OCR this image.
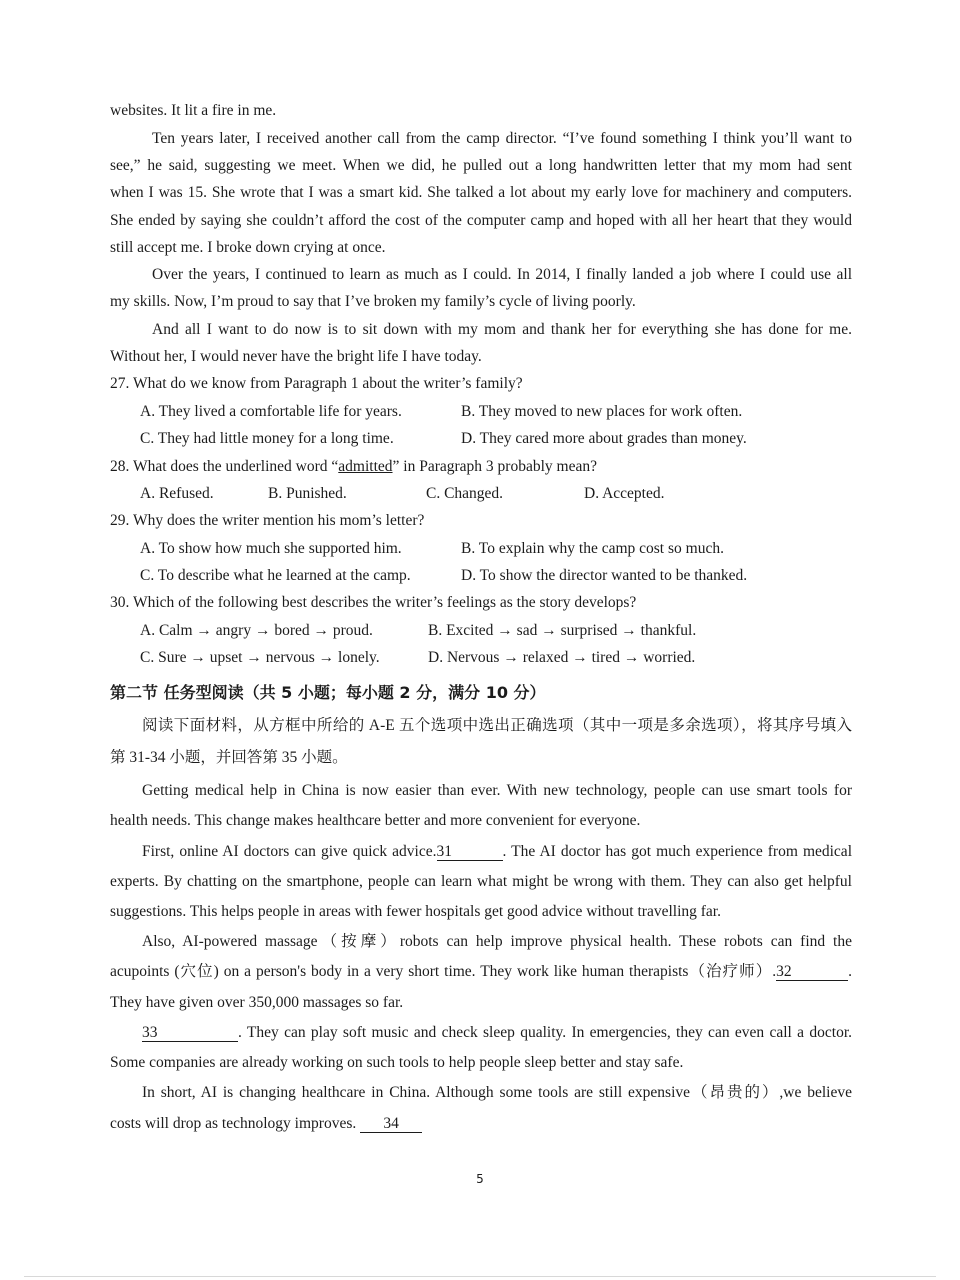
websites. It lit a fire in me.
Ten years later, I received another call from the camp director. “I’ve found something I think you’ll want to
see,” he said, suggesting we meet. When we did, he pulled out a long handwritten letter that my mom had sent
when I was 15. She wrote that I was a smart kid. She talked a lot about my early love for machinery and computers.
She ended by saying she couldn’t afford the cost of the computer camp and hoped with all her heart that they would
still accept me. I broke down crying at once.
Over the years, I continued to learn as much as I could. In 2014, I finally landed a job where I could use all
my skills. Now, I’m proud to say that I’ve broken my family’s cycle of living poorly.
And all I want to do now is to sit down with my mom and thank her for everything she has done for me.
Without her, I would never have the bright life I have today.
27. What do we know from Paragraph 1 about the writer’s family?
A. They lived a comfortable life for years.	B. They moved to new places for work often.
C. They had little money for a long time.	D. They cared more about grades than money.
28. What does the underlined word “admitted” in Paragraph 3 probably mean?
A. Refused.	B. Punished.	C. Changed.	D. Accepted.
29. Why does the writer mention his mom’s letter?
A. To show how much she supported him.	B. To explain why the camp cost so much.
C. To describe what he learned at the camp.	D. To show the director wanted to be thanked.
30. Which of the following best describes the writer’s feelings as the story develops?
A. Calm → angry → bored → proud.	B. Excited → sad → surprised → thankful.
C. Sure → upset → nervous → lonely.	D. Nervous → relaxed → tired → worried.
第二节 任务型阅读（共 5 小题；每小题 2 分，满分 10 分）
阅读下面材料，从方框中所给的 A-E 五个选项中选出正确选项（其中一项是多余选项），将其序号填入
第 31-34 小题，并回答第 35 小题。
Getting medical help in China is now easier than ever. With new technology, people can use smart tools for
health needs. This change makes healthcare better and more convenient for everyone.
First, online AI doctors can give quick advice.31	. The AI doctor has got much experience from medical
experts. By chatting on the smartphone, people can learn what might be wrong with them. They can also get helpful
suggestions. This helps people in areas with fewer hospitals get good advice without travelling far.
Also, AI-powered massage（按摩）robots can help improve physical health. These robots can find the
acupoints (穴位) on a person's body in a very short time. They work like human therapists（治疗师）.32	.
They have given over 350,000 massages so far.
33	. They can play soft music and check sleep quality. In emergencies, they can even call a doctor.
Some companies are already working on such tools to help people sleep better and stay safe.
In short, AI is changing healthcare in China. Although some tools are still expensive（昂贵的）,we believe
costs will drop as technology improves. 34
5
